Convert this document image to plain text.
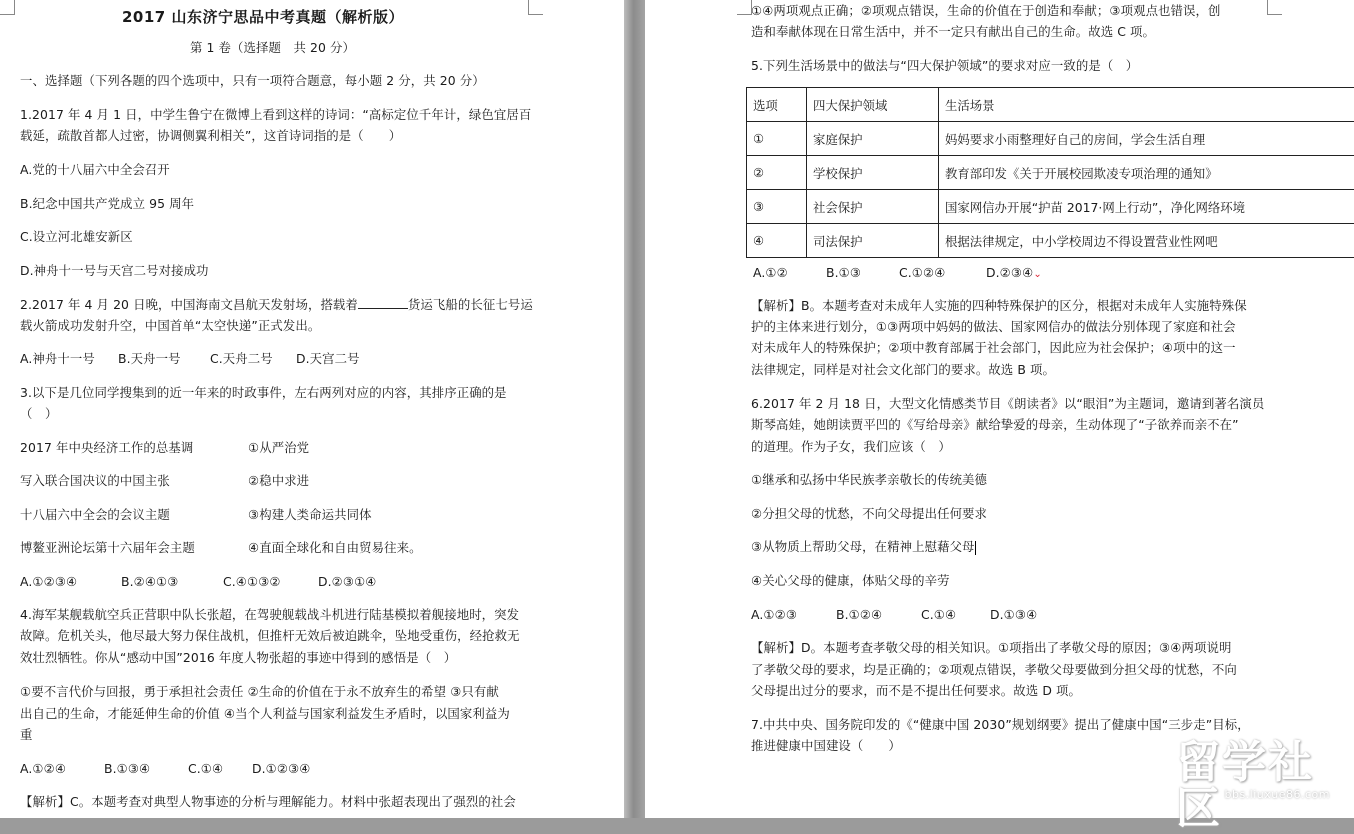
2017 山东济宁思品中考真题（解析版）
第 1 卷（选择题　共 20 分）
一、选择题（下列各题的四个选项中，只有一项符合题意，每小题 2 分，共 20 分）
1.2017 年 4 月 1 日，中学生鲁宁在微博上看到这样的诗词：“高标定位千年计，绿色宜居百
载延，疏散首都人过密，协调侧翼利相关”，这首诗词指的是（　　）
A.党的十八届六中全会召开
B.纪念中国共产党成立 95 周年
C.设立河北雄安新区
D.神舟十一号与天宫二号对接成功
2.2017 年 4 月 20 日晚，中国海南文昌航天发射场，搭载着	货运飞船的长征七号运
载火箭成功发射升空，中国首单“太空快递”正式发出。
A.神舟十一号 B.天舟一号 C.天舟二号 D.天宫二号
3.以下是几位同学搜集到的近一年来的时政事件，左右两列对应的内容，其排序正确的是
（　）
2017 年中央经济工作的总基调	①从严治党
写入联合国决议的中国主张	②稳中求进
十八届六中全会的会议主题	③构建人类命运共同体
博鳌亚洲论坛第十六届年会主题	④直面全球化和自由贸易往来。
A.①②③④	B.②④①③	C.④①③②	D.②③①④
4.海军某舰载航空兵正营职中队长张超，在驾驶舰载战斗机进行陆基模拟着舰接地时，突发
故障。危机关头，他尽最大努力保住战机，但推杆无效后被迫跳伞，坠地受重伤，经抢救无
效壮烈牺牲。你从“感动中国”2016 年度人物张超的事迹中得到的感悟是（　）
①要不言代价与回报，勇于承担社会责任 ②生命的价值在于永不放弃生的希望 ③只有献
出自己的生命，才能延伸生命的价值 ④当个人利益与国家利益发生矛盾时，以国家利益为
重
A.①②④	B.①③④	C.①④ D.①②③④
【解析】C。本题考查对典型人物事迹的分析与理解能力。材料中张超表现出了强烈的社会
①④两项观点正确；②项观点错误，生命的价值在于创造和奉献；③项观点也错误，创
造和奉献体现在日常生活中，并不一定只有献出自己的生命。故选 C 项。
5.下列生活场景中的做法与“四大保护领域”的要求对应一致的是（　）
选项	四大保护领域	生活场景
①	家庭保护	妈妈要求小雨整理好自己的房间，学会生活自理
②	学校保护	教育部印发《关于开展校园欺凌专项治理的通知》
③	社会保护	国家网信办开展“护苗 2017·网上行动”，净化网络环境
④	司法保护	根据法律规定，中小学校周边不得设置营业性网吧
A.①②	B.①③	C.①②④	D.②③④⌄
【解析】B。本题考查对未成年人实施的四种特殊保护的区分，根据对未成年人实施特殊保
护的主体来进行划分，①③两项中妈妈的做法、国家网信办的做法分别体现了家庭和社会
对未成年人的特殊保护；②项中教育部属于社会部门，因此应为社会保护；④项中的这一
法律规定，同样是对社会文化部门的要求。故选 B 项。
6.2017 年 2 月 18 日，大型文化情感类节目《朗读者》以“眼泪”为主题词，邀请到著名演员
斯琴高娃，她朗读贾平凹的《写给母亲》献给挚爱的母亲，生动体现了“子欲养而亲不在”
的道理。作为子女，我们应该（　）
①继承和弘扬中华民族孝亲敬长的传统美德
②分担父母的忧愁，不向父母提出任何要求
③从物质上帮助父母，在精神上慰藉父母
④关心父母的健康，体贴父母的辛劳
A.①②③	B.①②④	C.①④	D.①③④
【解析】D。本题考查孝敬父母的相关知识。①项指出了孝敬父母的原因；③④两项说明
了孝敬父母的要求，均是正确的；②项观点错误，孝敬父母要做到分担父母的忧愁，不向
父母提出过分的要求，而不是不提出任何要求。故选 D 项。
7.中共中央、国务院印发的《“健康中国 2030”规划纲要》提出了健康中国“三步走”目标，
推进健康中国建设（　　）	留学社区 bbs.liuxue86.com
